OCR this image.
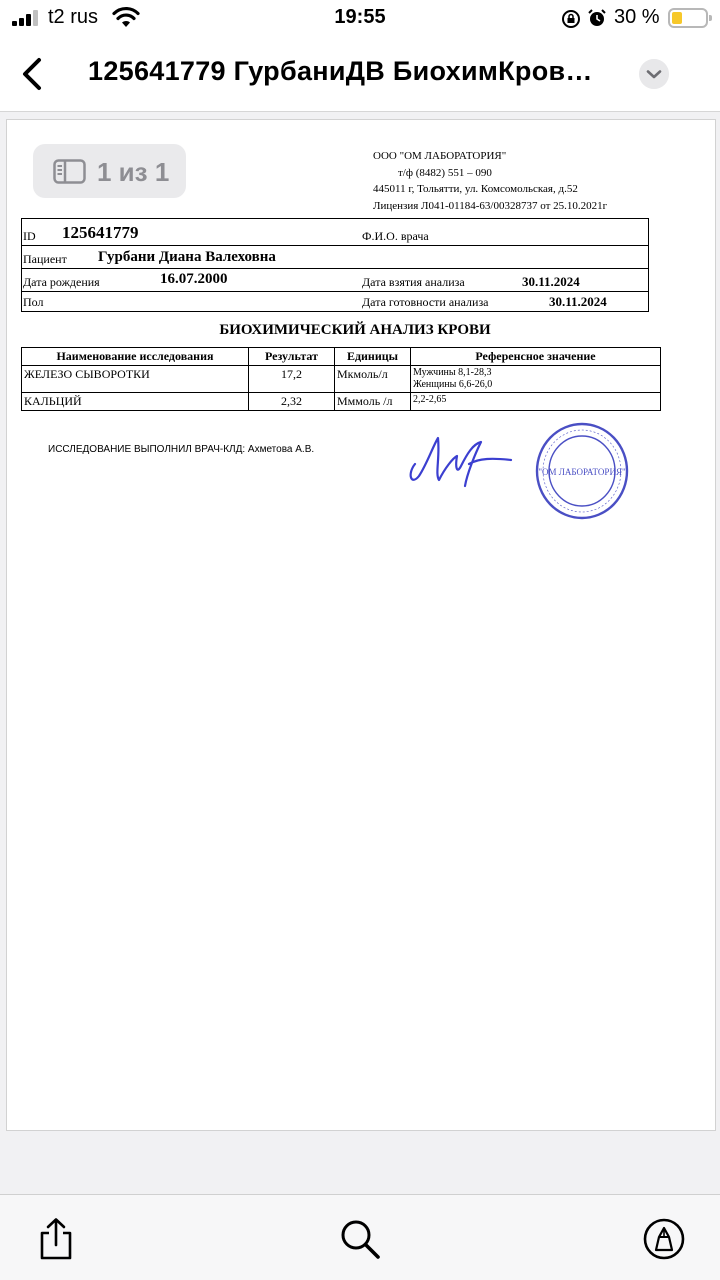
t2 rus	19:55	30 %
125641779 ГурбаниДВ БиохимКров…
ООО "ОМ ЛАБОРАТОРИЯ"
т/ф (8482) 551 – 090
445011 г, Тольятти, ул. Комсомольская, д.52
Лицензия Л041-01184-63/00328737 от 25.10.2021г
ID 125641779	Ф.И.О. врача
Пациент Гурбани Диана Валеховна
Дата рождения	16.07.2000	Дата взятия анализа	30.11.2024
Пол	Дата готовности анализа	30.11.2024
БИОХИМИЧЕСКИЙ АНАЛИЗ КРОВИ
Наименование исследования	Результат	Единицы	Референсное значение
ЖЕЛЕЗО СЫВОРОТКИ	17,2	Мкмоль/л	Мужчины 8,1-28,3
Женщины 6,6-26,0

КАЛЬЦИЙ	2,32	Мммоль /л	2,2-2,65
ИССЛЕДОВАНИЕ ВЫПОЛНИЛ ВРАЧ-КЛД: Ахметова А.В.
"ОМ ЛАБОРАТОРИЯ"
1 из 1
